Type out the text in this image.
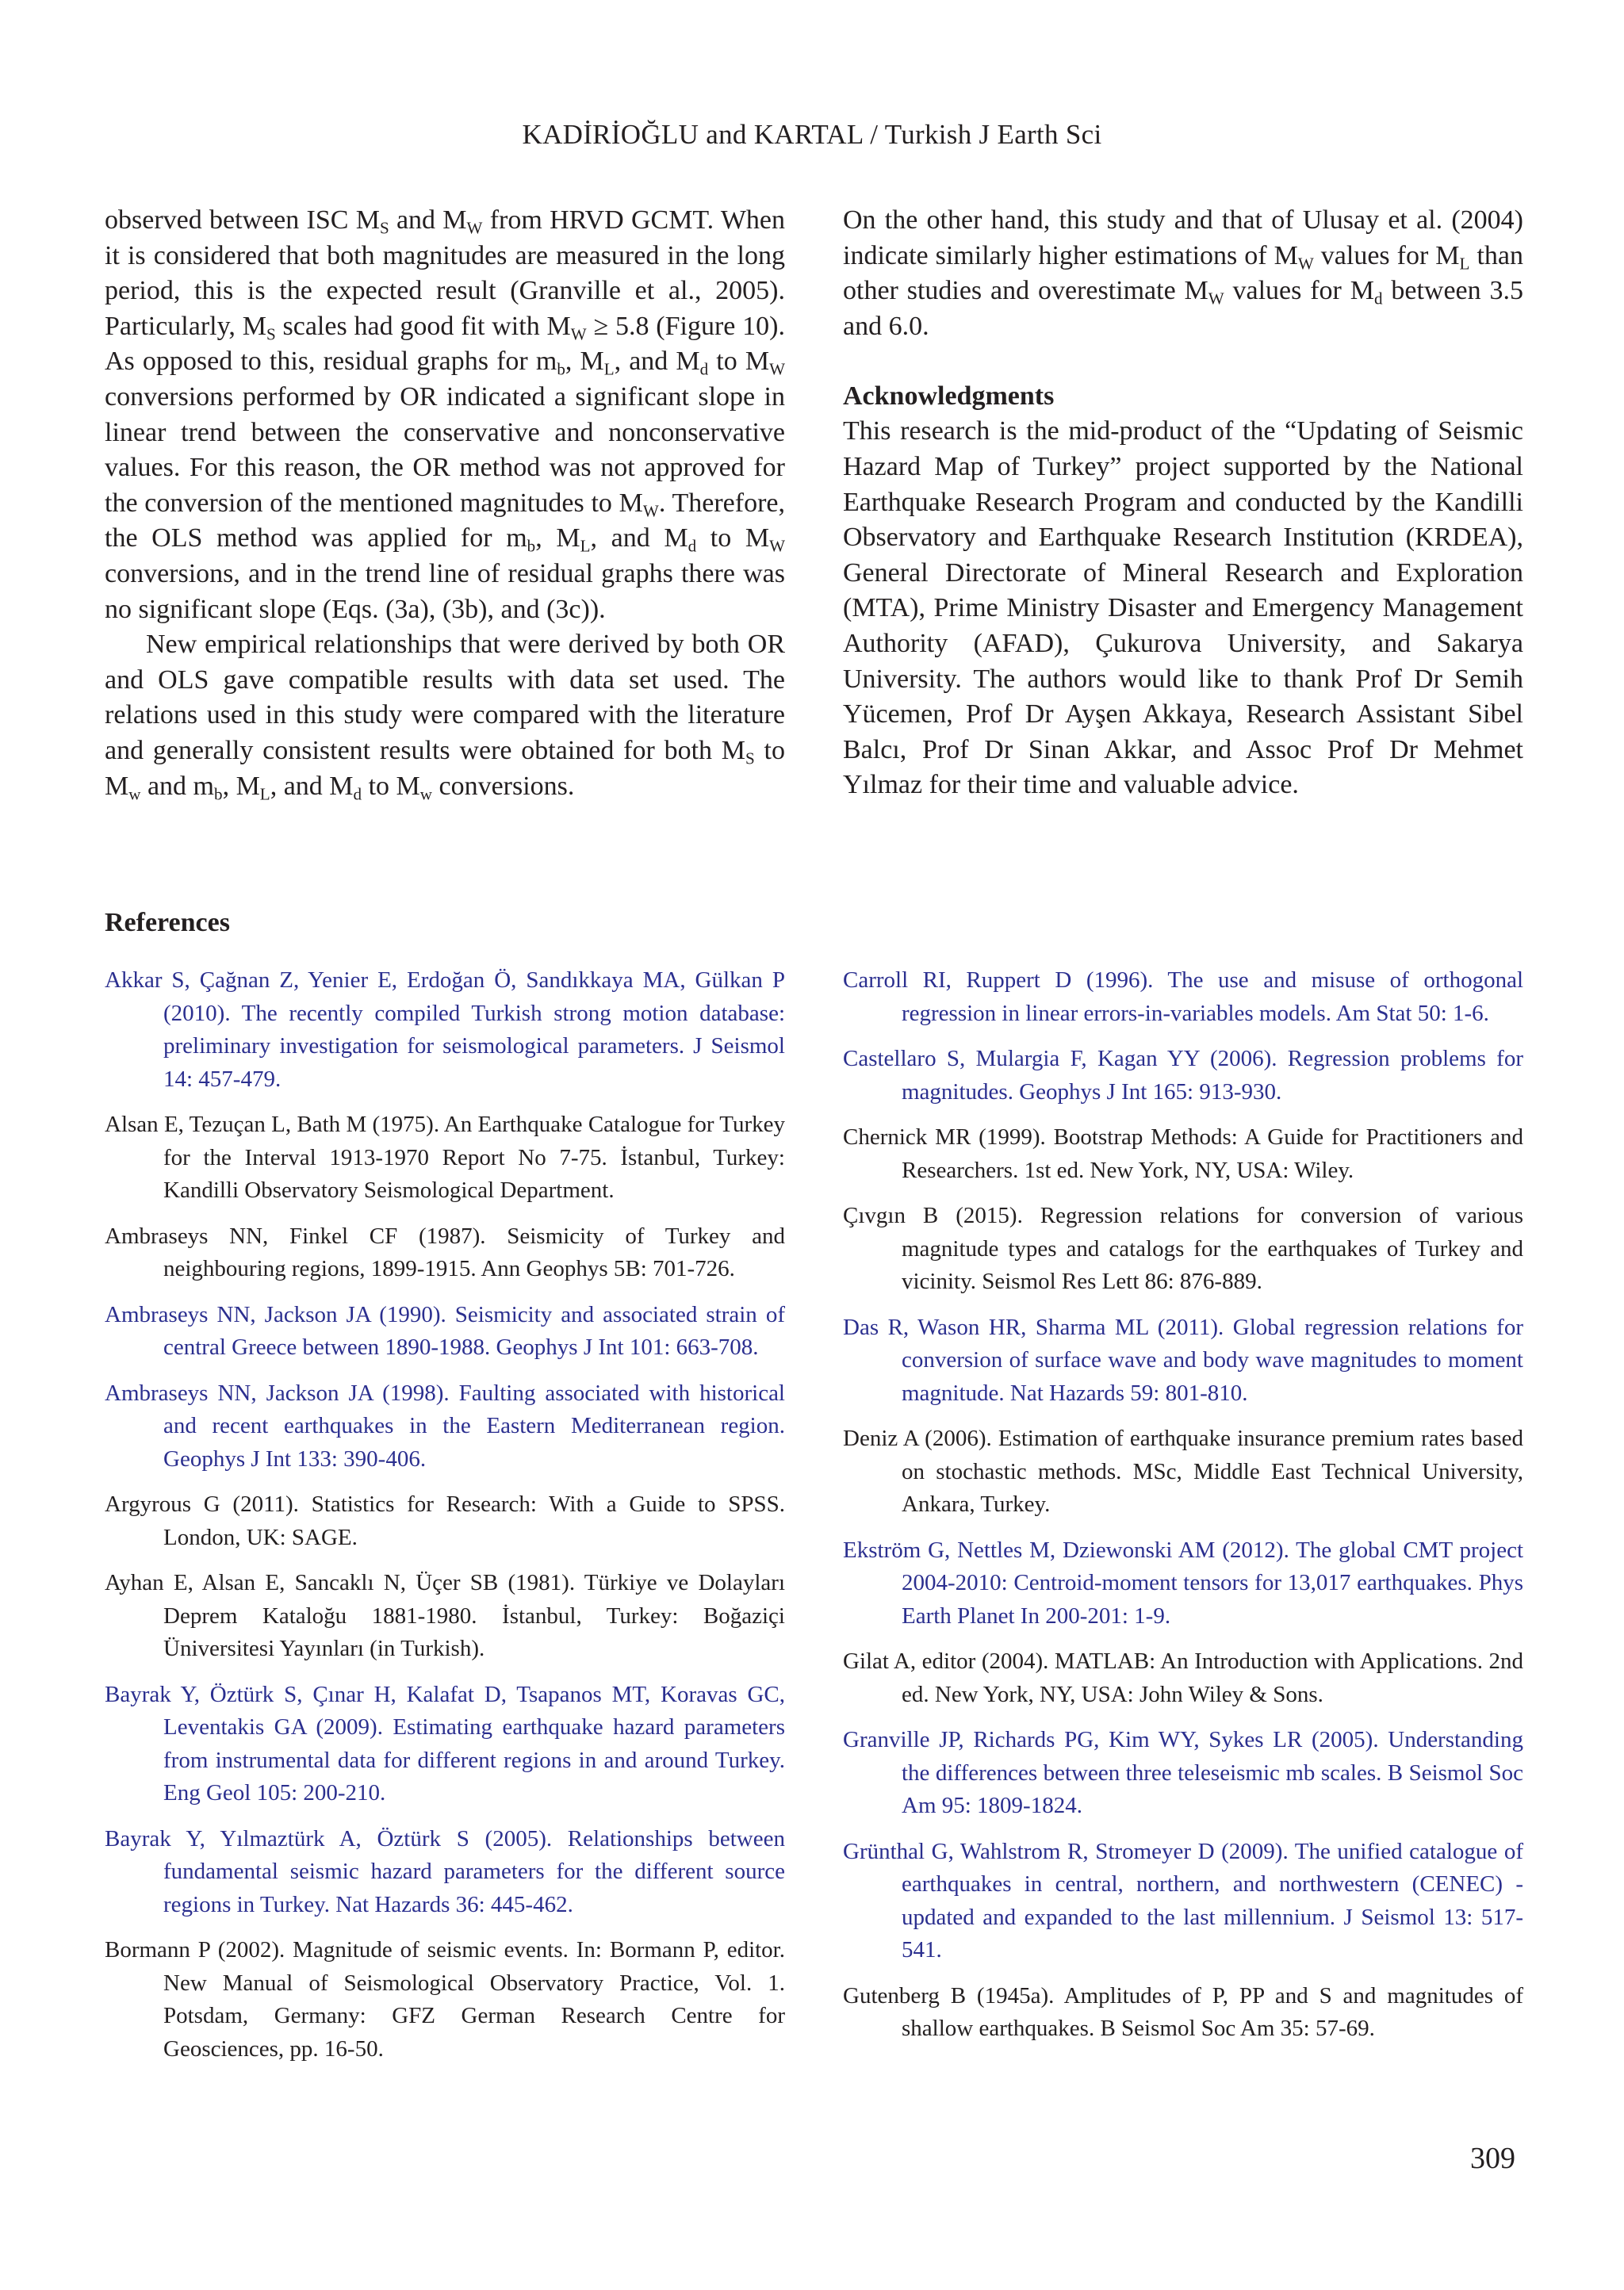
KADİRİOĞLU and KARTAL / Turkish J Earth Sci

observed between ISC $M_S$ and $M_W$ from HRVD GCMT. When it is considered that both magnitudes are measured in the long period, this is the expected result (Granville et al., 2005). Particularly, $M_S$ scales had good fit with $M_W \ge 5.8$ (Figure 10). As opposed to this, residual graphs for $m_b$, $M_L$, and $M_d$ to $M_W$ conversions performed by OR indicated a significant slope in linear trend between the conservative and nonconservative values. For this reason, the OR method was not approved for the conversion of the mentioned magnitudes to $M_W$. Therefore, the OLS method was applied for $m_b$, $M_L$, and $M_d$ to $M_W$ conversions, and in the trend line of residual graphs there was no significant slope (Eqs. (3a), (3b), and (3c)).

New empirical relationships that were derived by both OR and OLS gave compatible results with data set used. The relations used in this study were compared with the literature and generally consistent results were obtained for both $M_S$ to $M_w$ and $m_b$, $M_L$, and $M_d$ to $M_w$ conversions.

On the other hand, this study and that of Ulusay et al. (2004) indicate similarly higher estimations of $M_W$ values for $M_L$ than other studies and overestimate $M_W$ values for $M_d$ between 3.5 and 6.0.

Acknowledgments

This research is the mid-product of the “Updating of Seismic Hazard Map of Turkey” project supported by the National Earthquake Research Program and conducted by the Kandilli Observatory and Earthquake Research Institution (KRDEA), General Directorate of Mineral Research and Exploration (MTA), Prime Ministry Disaster and Emergency Management Authority (AFAD), Çukurova University, and Sakarya University. The authors would like to thank Prof Dr Semih Yücemen, Prof Dr Ayşen Akkaya, Research Assistant Sibel Balcı, Prof Dr Sinan Akkar, and Assoc Prof Dr Mehmet Yılmaz for their time and valuable advice.

References

Akkar S, Çağnan Z, Yenier E, Erdoğan Ö, Sandıkkaya MA, Gülkan P (2010). The recently compiled Turkish strong motion database: preliminary investigation for seismological parameters. J Seismol 14: 457-479.

Alsan E, Tezuçan L, Bath M (1975). An Earthquake Catalogue for Turkey for the Interval 1913-1970 Report No 7-75. İstanbul, Turkey: Kandilli Observatory Seismological Department.

Ambraseys NN, Finkel CF (1987). Seismicity of Turkey and neighbouring regions, 1899-1915. Ann Geophys 5B: 701-726.

Ambraseys NN, Jackson JA (1990). Seismicity and associated strain of central Greece between 1890-1988. Geophys J Int 101: 663-708.

Ambraseys NN, Jackson JA (1998). Faulting associated with historical and recent earthquakes in the Eastern Mediterranean region. Geophys J Int 133: 390-406.

Argyrous G (2011). Statistics for Research: With a Guide to SPSS. London, UK: SAGE.

Ayhan E, Alsan E, Sancaklı N, Üçer SB (1981). Türkiye ve Dolayları Deprem Kataloğu 1881-1980. İstanbul, Turkey: Boğaziçi Üniversitesi Yayınları (in Turkish).

Bayrak Y, Öztürk S, Çınar H, Kalafat D, Tsapanos MT, Koravas GC, Leventakis GA (2009). Estimating earthquake hazard parameters from instrumental data for different regions in and around Turkey. Eng Geol 105: 200-210.

Bayrak Y, Yılmaztürk A, Öztürk S (2005). Relationships between fundamental seismic hazard parameters for the different source regions in Turkey. Nat Hazards 36: 445-462.

Bormann P (2002). Magnitude of seismic events. In: Bormann P, editor. New Manual of Seismological Observatory Practice, Vol. 1. Potsdam, Germany: GFZ German Research Centre for Geosciences, pp. 16-50.

Carroll RI, Ruppert D (1996). The use and misuse of orthogonal regression in linear errors-in-variables models. Am Stat 50: 1-6.

Castellaro S, Mulargia F, Kagan YY (2006). Regression problems for magnitudes. Geophys J Int 165: 913-930.

Chernick MR (1999). Bootstrap Methods: A Guide for Practitioners and Researchers. 1st ed. New York, NY, USA: Wiley.

Çıvgın B (2015). Regression relations for conversion of various magnitude types and catalogs for the earthquakes of Turkey and vicinity. Seismol Res Lett 86: 876-889.

Das R, Wason HR, Sharma ML (2011). Global regression relations for conversion of surface wave and body wave magnitudes to moment magnitude. Nat Hazards 59: 801-810.

Deniz A (2006). Estimation of earthquake insurance premium rates based on stochastic methods. MSc, Middle East Technical University, Ankara, Turkey.

Ekström G, Nettles M, Dziewonski AM (2012). The global CMT project 2004-2010: Centroid-moment tensors for 13,017 earthquakes. Phys Earth Planet In 200-201: 1-9.

Gilat A, editor (2004). MATLAB: An Introduction with Applications. 2nd ed. New York, NY, USA: John Wiley & Sons.

Granville JP, Richards PG, Kim WY, Sykes LR (2005). Understanding the differences between three teleseismic mb scales. B Seismol Soc Am 95: 1809-1824.

Grünthal G, Wahlstrom R, Stromeyer D (2009). The unified catalogue of earthquakes in central, northern, and northwestern (CENEC) - updated and expanded to the last millennium. J Seismol 13: 517-541.

Gutenberg B (1945a). Amplitudes of P, PP and S and magnitudes of shallow earthquakes. B Seismol Soc Am 35: 57-69.

309
